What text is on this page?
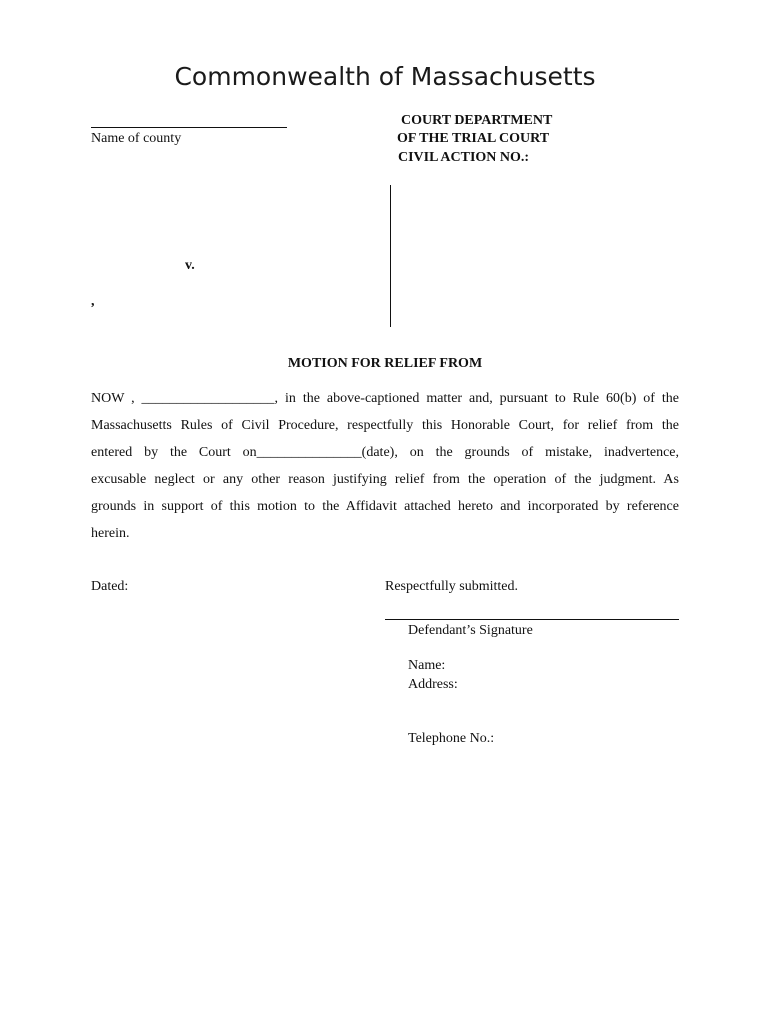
Commonwealth of Massachusetts
Name of county
COURT DEPARTMENT
OF THE TRIAL COURT
CIVIL ACTION NO.:
v.
,
MOTION FOR RELIEF FROM
NOW , ___________________, in the above-captioned matter and, pursuant to Rule 60(b) of the
Massachusetts Rules of Civil Procedure, respectfully this Honorable Court, for relief from the
entered by the Court on_______________(date), on the grounds of mistake, inadvertence,
excusable neglect or any other reason justifying relief from the operation of the judgment. As
grounds in support of this motion to the Affidavit attached hereto and incorporated by reference
herein.
Dated:	Respectfully submitted.
Defendant’s Signature
Name:
Address:
Telephone No.:
